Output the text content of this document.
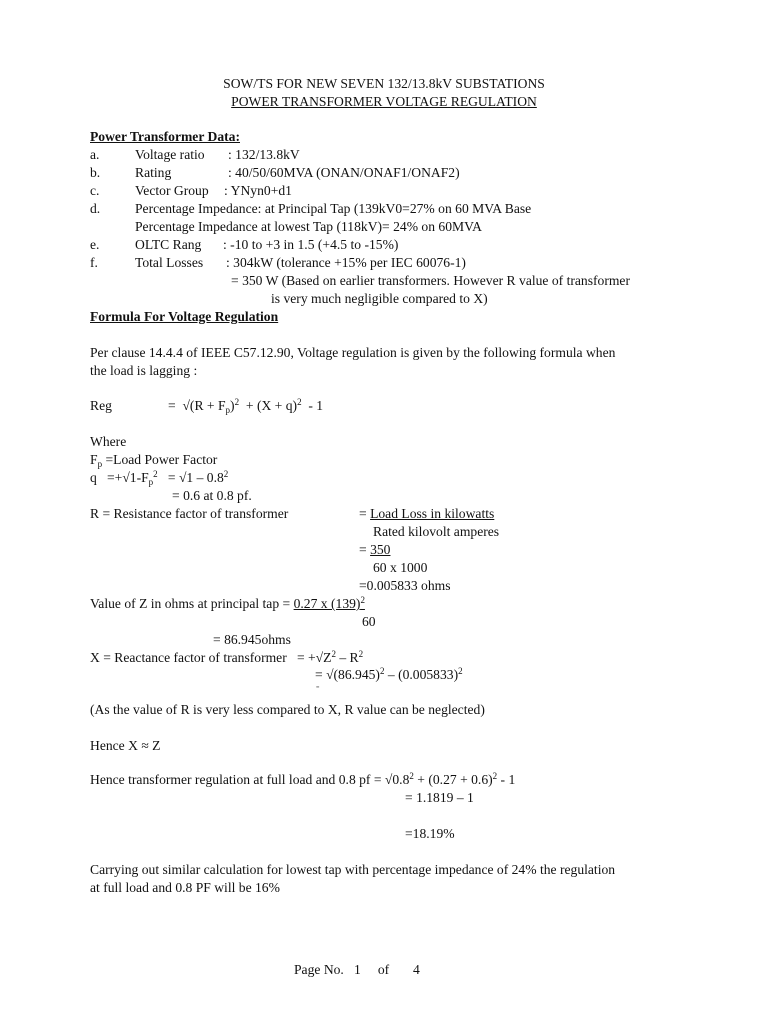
SOW/TS FOR NEW SEVEN 132/13.8kV SUBSTATIONS
POWER TRANSFORMER VOLTAGE REGULATION
Power Transformer Data:
a.	Voltage ratio : 132/13.8kV
b.	Rating	: 40/50/60MVA (ONAN/ONAF1/ONAF2)
c.	Vector Group : YNyn0+d1
d.	Percentage Impedance: at Principal Tap (139kV0=27% on 60 MVA Base
Percentage Impedance at lowest Tap (118kV)= 24% on 60MVA
e.	OLTC Rang : -10 to +3 in 1.5 (+4.5 to -15%)
f.	Total Losses : 304kW (tolerance +15% per IEC 60076-1)
= 350 W (Based on earlier transformers. However R value of transformer
is very much negligible compared to X)
Formula For Voltage Regulation
Per clause 14.4.4 of IEEE C57.12.90, Voltage regulation is given by the following formula when
the load is lagging :
Reg	=  $√(R + F_p)^2 + (X + q)^2 - 1$
Where
$F_p$ =Load Power Factor
$q =+√1-F_p^2 = √1 - 0.8^2$
= 0.6 at 0.8 pf.
R = Resistance factor of transformer	= Load Loss in kilowatts
Rated kilovolt amperes
= 350
60 x 1000
=0.005833 ohms
Value of Z in ohms at principal tap = 0.27 x $(139)^2$
60
= 86.945ohms
X = Reactance factor of transformer   = $+√Z^2 - R^2$
= $√(86.945)^2 - (0.005833)^2$
=
(As the value of R is very less compared to X, R value can be neglected)
Hence X ≈ Z
Hence transformer regulation at full load and 0.8 pf = $√0.8^2 + (0.27 + 0.6)^2 - 1$
= 1.1819 – 1
=18.19%
Carrying out similar calculation for lowest tap with percentage impedance of 24% the regulation
at full load and 0.8 PF will be 16%
Page No. 1 of 4
